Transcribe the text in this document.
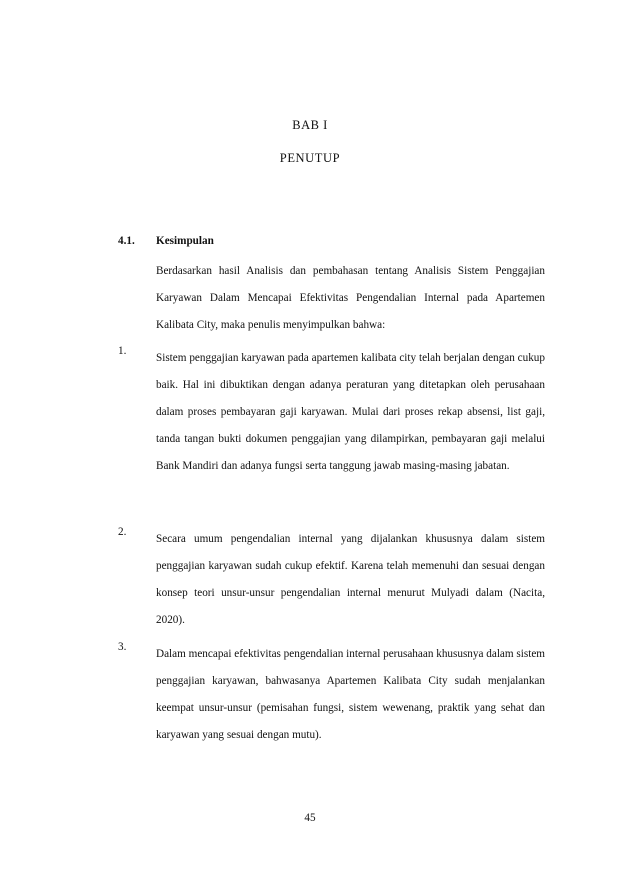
BAB I
PENUTUP
4.1. Kesimpulan

Berdasarkan hasil Analisis dan pembahasan tentang Analisis Sistem Penggajian Karyawan Dalam Mencapai Efektivitas Pengendalian Internal pada Apartemen Kalibata City, maka penulis menyimpulkan bahwa:

1.

Sistem penggajian karyawan pada apartemen kalibata city telah berjalan dengan cukup baik. Hal ini dibuktikan dengan adanya peraturan yang ditetapkan oleh perusahaan dalam proses pembayaran gaji karyawan. Mulai dari proses rekap absensi, list gaji, tanda tangan bukti dokumen penggajian yang dilampirkan, pembayaran gaji melalui Bank Mandiri dan adanya fungsi serta tanggung jawab masing-masing jabatan.

2.

Secara umum pengendalian internal yang dijalankan khususnya dalam sistem penggajian karyawan sudah cukup efektif. Karena telah memenuhi dan sesuai dengan konsep teori unsur-unsur pengendalian internal menurut Mulyadi dalam (Nacita, 2020).

3.

Dalam mencapai efektivitas pengendalian internal perusahaan khususnya dalam sistem penggajian karyawan, bahwasanya Apartemen Kalibata City sudah menjalankan keempat unsur-unsur (pemisahan fungsi, sistem wewenang, praktik yang sehat dan karyawan yang sesuai dengan mutu).

45
